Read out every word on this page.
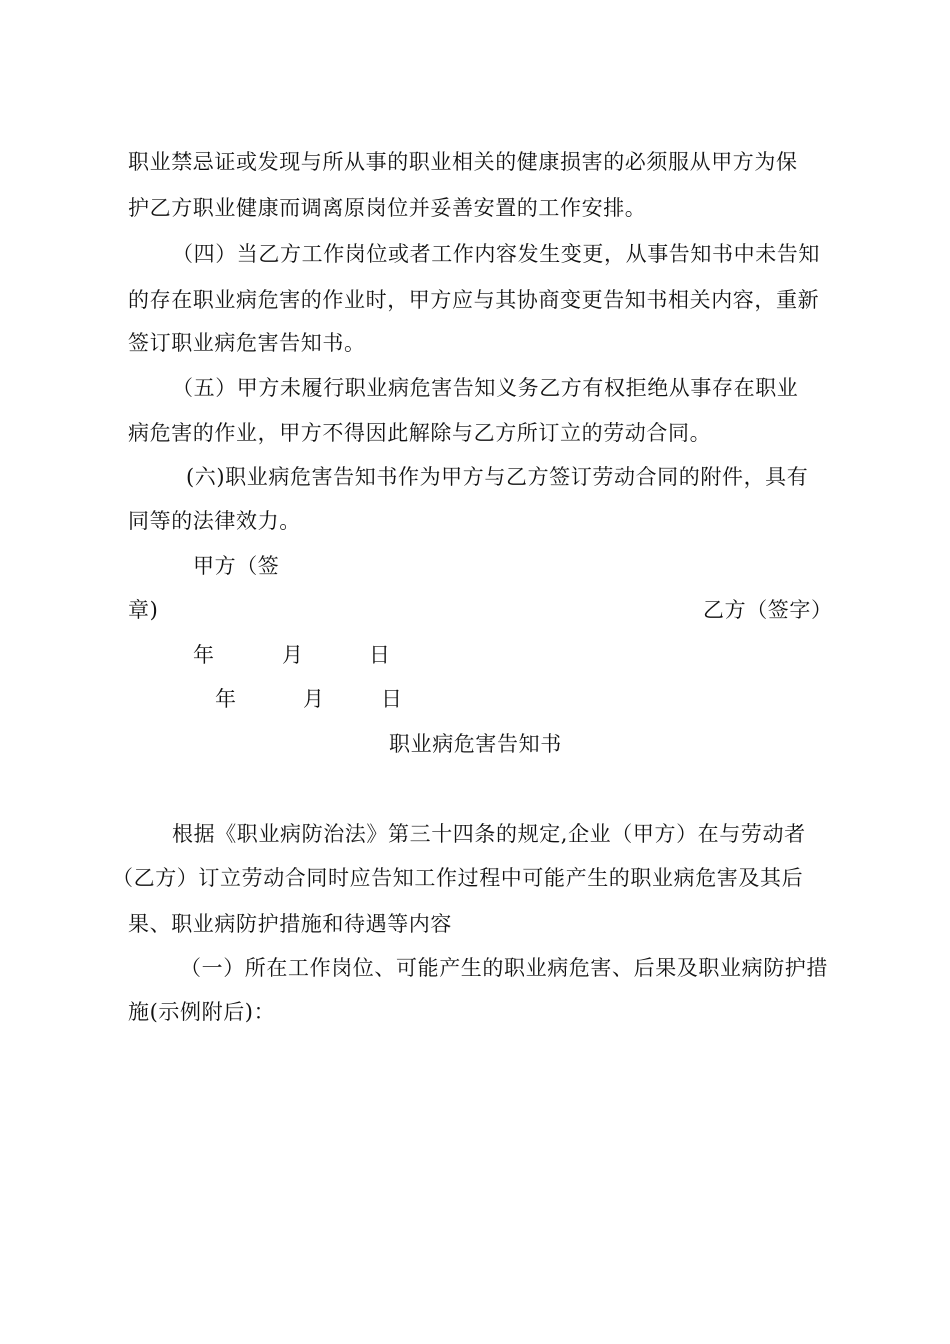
职业禁忌证或发现与所从事的职业相关的健康损害的必须服从甲方为保
护乙方职业健康而调离原岗位并妥善安置的工作安排。
（四）当乙方工作岗位或者工作内容发生变更，从事告知书中未告知
的存在职业病危害的作业时，甲方应与其协商变更告知书相关内容，重新
签订职业病危害告知书。
（五）甲方未履行职业病危害告知义务乙方有权拒绝从事存在职业
病危害的作业，甲方不得因此解除与乙方所订立的劳动合同。
(六)职业病危害告知书作为甲方与乙方签订劳动合同的附件，具有
同等的法律效力。
甲方（签
章)	乙方（签字）
年	月	日
年	月	日
职业病危害告知书
根据《职业病防治法》第三十四条的规定,企业（甲方）在与劳动者
（乙方）订立劳动合同时应告知工作过程中可能产生的职业病危害及其后
果、职业病防护措施和待遇等内容
（一）所在工作岗位、可能产生的职业病危害、后果及职业病防护措
施(示例附后)：
